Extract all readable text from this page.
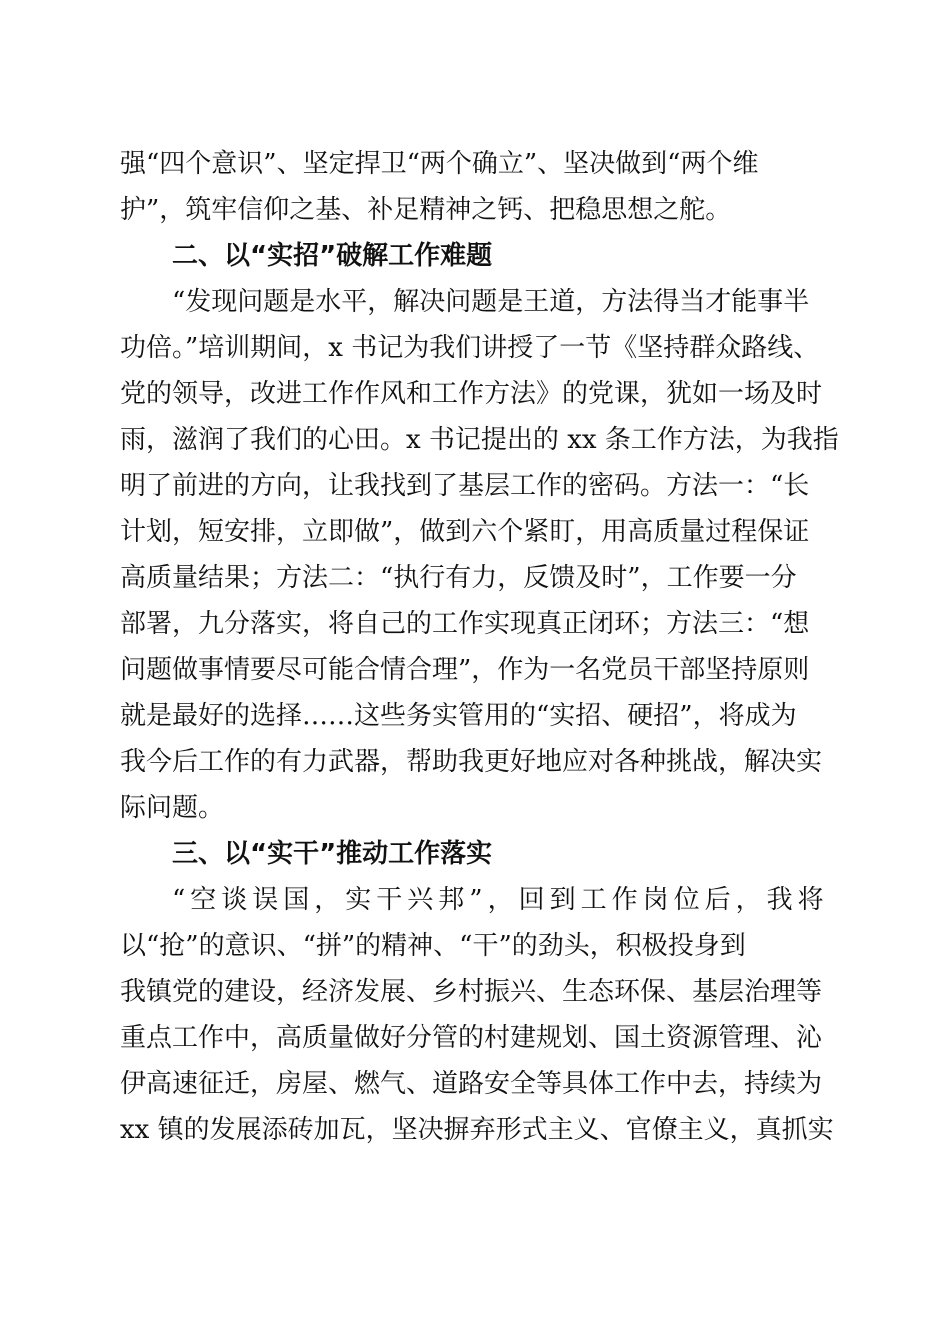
强“四个意识”、坚定捍卫“两个确立”、坚决做到“两个维
护”，筑牢信仰之基、补足精神之钙、把稳思想之舵。
二、以“实招”破解工作难题
“发现问题是水平，解决问题是王道，方法得当才能事半
功倍。”培训期间，x 书记为我们讲授了一节《坚持群众路线、
党的领导，改进工作作风和工作方法》的党课，犹如一场及时
雨，滋润了我们的心田。x 书记提出的 xx 条工作方法，为我指
明了前进的方向，让我找到了基层工作的密码。方法一：“长
计划，短安排，立即做”，做到六个紧盯，用高质量过程保证
高质量结果；方法二：“执行有力，反馈及时”，工作要一分
部署，九分落实，将自己的工作实现真正闭环；方法三：“想
问题做事情要尽可能合情合理”，作为一名党员干部坚持原则
就是最好的选择……这些务实管用的“实招、硬招”，将成为
我今后工作的有力武器，帮助我更好地应对各种挑战，解决实
际问题。
三、以“实干”推动工作落实
“空谈误国，实干兴邦”，回到工作岗位后，我将
以“抢”的意识、“拼”的精神、“干”的劲头，积极投身到
我镇党的建设，经济发展、乡村振兴、生态环保、基层治理等
重点工作中，高质量做好分管的村建规划、国土资源管理、沁
伊高速征迁，房屋、燃气、道路安全等具体工作中去，持续为
xx 镇的发展添砖加瓦，坚决摒弃形式主义、官僚主义，真抓实
